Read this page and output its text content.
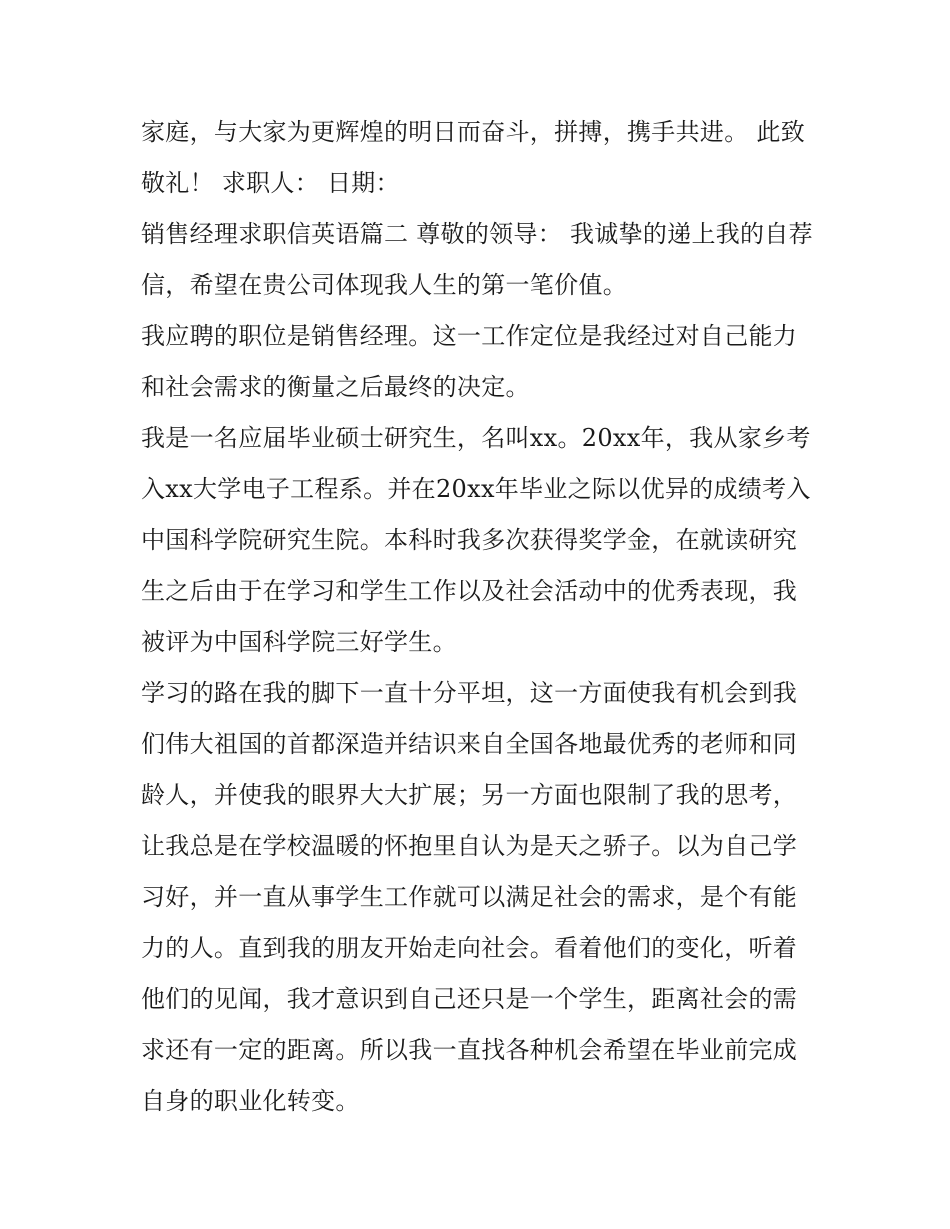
家庭，与大家为更辉煌的明日而奋斗，拼搏，携手共进。 此致 敬礼！ 求职人： 日期：

销售经理求职信英语篇二 尊敬的领导： 我诚挚的递上我的自荐信，希望在贵公司体现我人生的第一笔价值。

我应聘的职位是销售经理。这一工作定位是我经过对自己能力和社会需求的衡量之后最终的决定。

我是一名应届毕业硕士研究生，名叫xx。20xx年，我从家乡考入xx大学电子工程系。并在20xx年毕业之际以优异的成绩考入中国科学院研究生院。本科时我多次获得奖学金，在就读研究生之后由于在学习和学生工作以及社会活动中的优秀表现，我被评为中国科学院三好学生。

学习的路在我的脚下一直十分平坦，这一方面使我有机会到我们伟大祖国的首都深造并结识来自全国各地最优秀的老师和同龄人，并使我的眼界大大扩展；另一方面也限制了我的思考，让我总是在学校温暖的怀抱里自认为是天之骄子。以为自己学习好，并一直从事学生工作就可以满足社会的需求，是个有能力的人。直到我的朋友开始走向社会。看着他们的变化，听着他们的见闻，我才意识到自己还只是一个学生，距离社会的需求还有一定的距离。所以我一直找各种机会希望在毕业前完成自身的职业化转变。
